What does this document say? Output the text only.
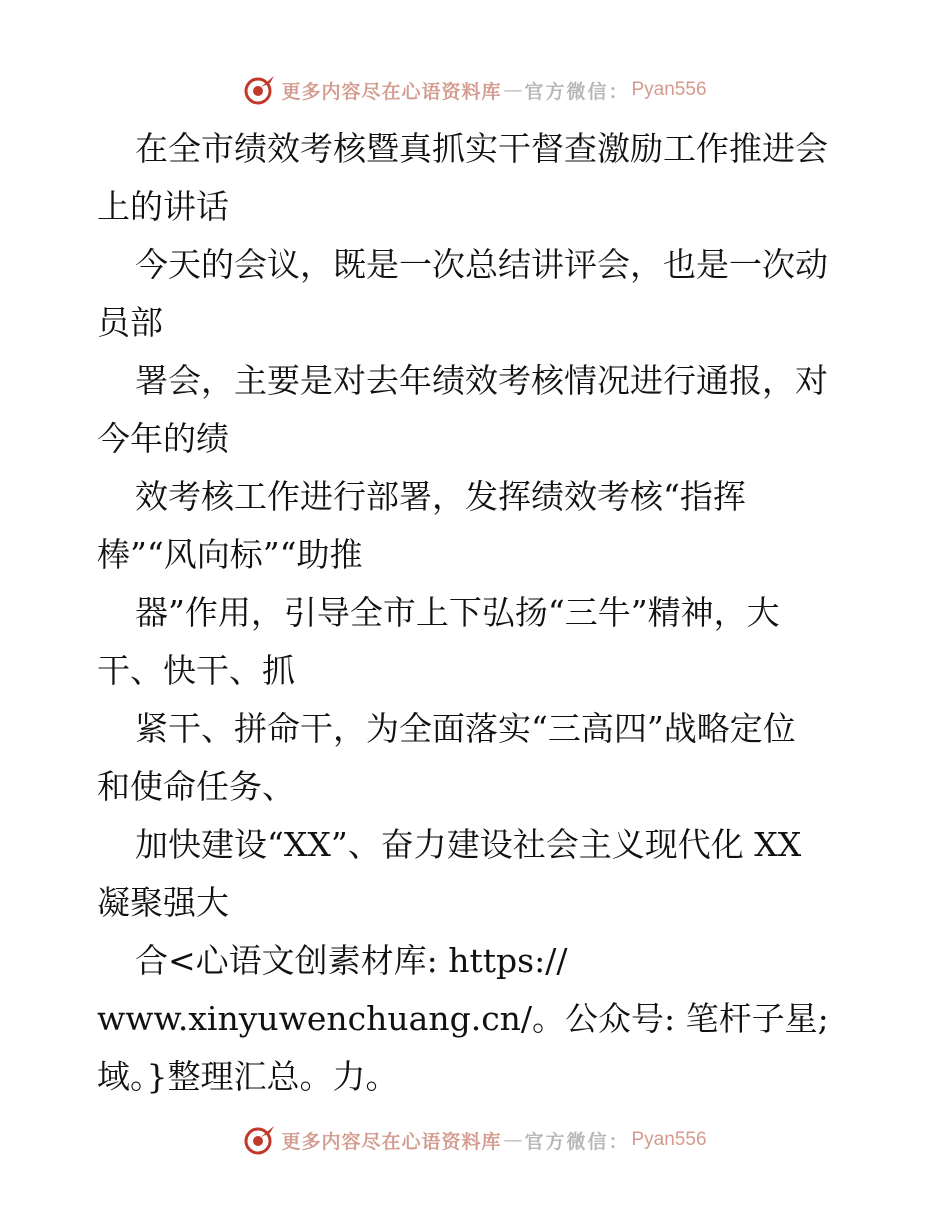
更多内容尽在心语资料库 — 官方微信： Pyan556
在全市绩效考核暨真抓实干督查激励工作推进会
上的讲话
今天的会议，既是一次总结讲评会，也是一次动
员部
署会，主要是对去年绩效考核情况进行通报，对
今年的绩
效考核工作进行部署，发挥绩效考核“指挥
棒”“风向标”“助推
器”作用，引导全市上下弘扬“三牛”精神，大
干、快干、抓
紧干、拼命干，为全面落实“三高四”战略定位
和使命任务、
加快建设“XX”、奋力建设社会主义现代化 XX
凝聚强大
合<心语文创素材库: https://
www.xinyuwenchuang.cn/。公众号: 笔杆子星;
域。}整理汇总。力。
更多内容尽在心语资料库 — 官方微信： Pyan556
